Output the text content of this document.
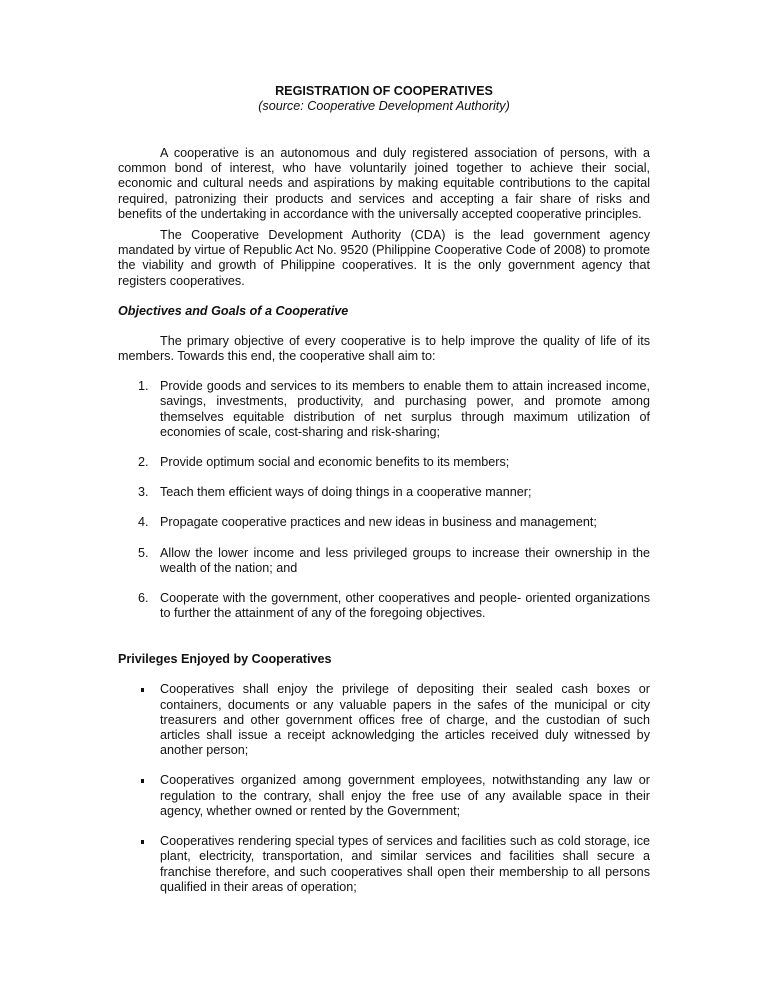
REGISTRATION OF COOPERATIVES

(source: Cooperative Development Authority)

A cooperative is an autonomous and duly registered association of persons, with a common bond of interest, who have voluntarily joined together to achieve their social, economic and cultural needs and aspirations by making equitable contributions to the capital required, patronizing their products and services and accepting a fair share of risks and benefits of the undertaking in accordance with the universally accepted cooperative principles.

The Cooperative Development Authority (CDA) is the lead government agency mandated by virtue of Republic Act No. 9520 (Philippine Cooperative Code of 2008) to promote the viability and growth of Philippine cooperatives. It is the only government agency that registers cooperatives.

Objectives and Goals of a Cooperative

The primary objective of every cooperative is to help improve the quality of life of its members. Towards this end, the cooperative shall aim to:

1. Provide goods and services to its members to enable them to attain increased income, savings, investments, productivity, and purchasing power, and promote among themselves equitable distribution of net surplus through maximum utilization of economies of scale, cost-sharing and risk-sharing;
2. Provide optimum social and economic benefits to its members;
3. Teach them efficient ways of doing things in a cooperative manner;
4. Propagate cooperative practices and new ideas in business and management;
5. Allow the lower income and less privileged groups to increase their ownership in the wealth of the nation; and
6. Cooperate with the government, other cooperatives and people- oriented organizations to further the attainment of any of the foregoing objectives.
Privileges Enjoyed by Cooperatives
Cooperatives shall enjoy the privilege of depositing their sealed cash boxes or containers, documents or any valuable papers in the safes of the municipal or city treasurers and other government offices free of charge, and the custodian of such articles shall issue a receipt acknowledging the articles received duly witnessed by another person;
Cooperatives organized among government employees, notwithstanding any law or regulation to the contrary, shall enjoy the free use of any available space in their agency, whether owned or rented by the Government;
Cooperatives rendering special types of services and facilities such as cold storage, ice plant, electricity, transportation, and similar services and facilities shall secure a franchise therefore, and such cooperatives shall open their membership to all persons qualified in their areas of operation;
